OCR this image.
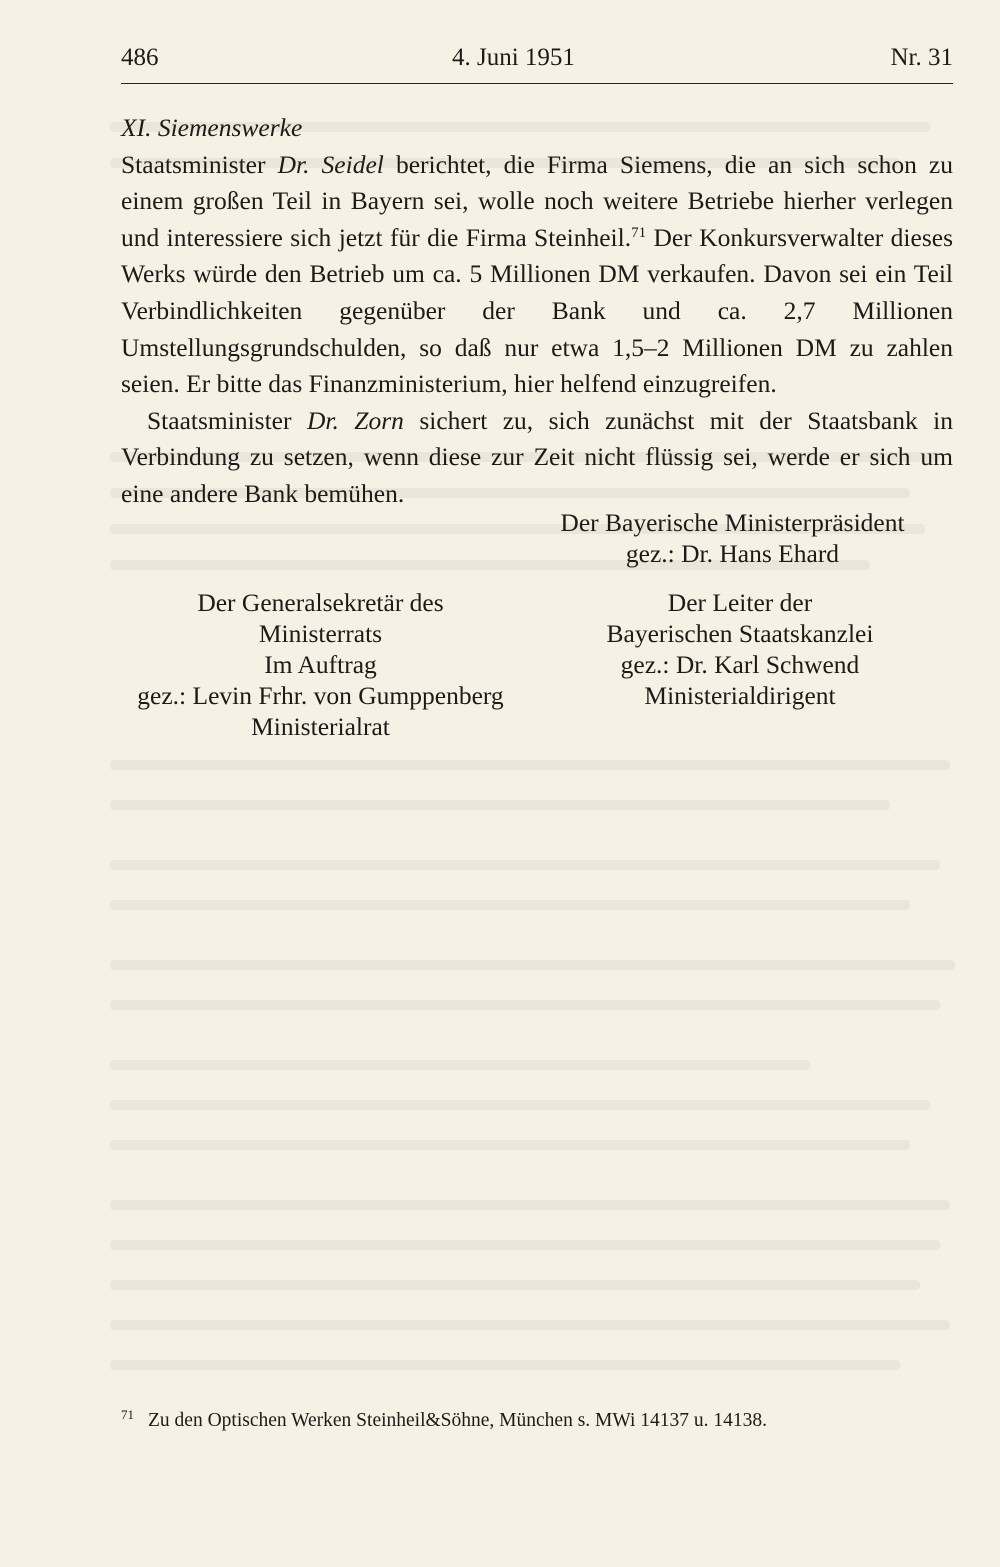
486	4. Juni 1951	Nr. 31

XI. Siemenswerke

Staatsminister Dr. Seidel berichtet, die Firma Siemens, die an sich schon zu einem großen Teil in Bayern sei, wolle noch weitere Betriebe hierher verlegen und interessiere sich jetzt für die Firma Steinheil.$^{71}$ Der Konkursverwalter dieses Werks würde den Betrieb um ca. 5 Millionen DM verkaufen. Davon sei ein Teil Verbindlichkeiten gegenüber der Bank und ca. 2,7 Millionen Umstellungsgrundschulden, so daß nur etwa 1,5–2 Millionen DM zu zahlen seien. Er bitte das Finanzministerium, hier helfend einzugreifen.

Staatsminister Dr. Zorn sichert zu, sich zunächst mit der Staatsbank in Verbindung zu setzen, wenn diese zur Zeit nicht flüssig sei, werde er sich um eine andere Bank bemühen.

Der Bayerische Ministerpräsident
gez.: Dr. Hans Ehard
Der Generalsekretär des
Ministerrats
Im Auftrag
gez.: Levin Frhr. von Gumppenberg
Ministerialrat
Der Leiter der
Bayerischen Staatskanzlei
gez.: Dr. Karl Schwend
Ministerialdirigent
$^{71}$ Zu den Optischen Werken Steinheil&Söhne, München s. MWi 14137 u. 14138.
